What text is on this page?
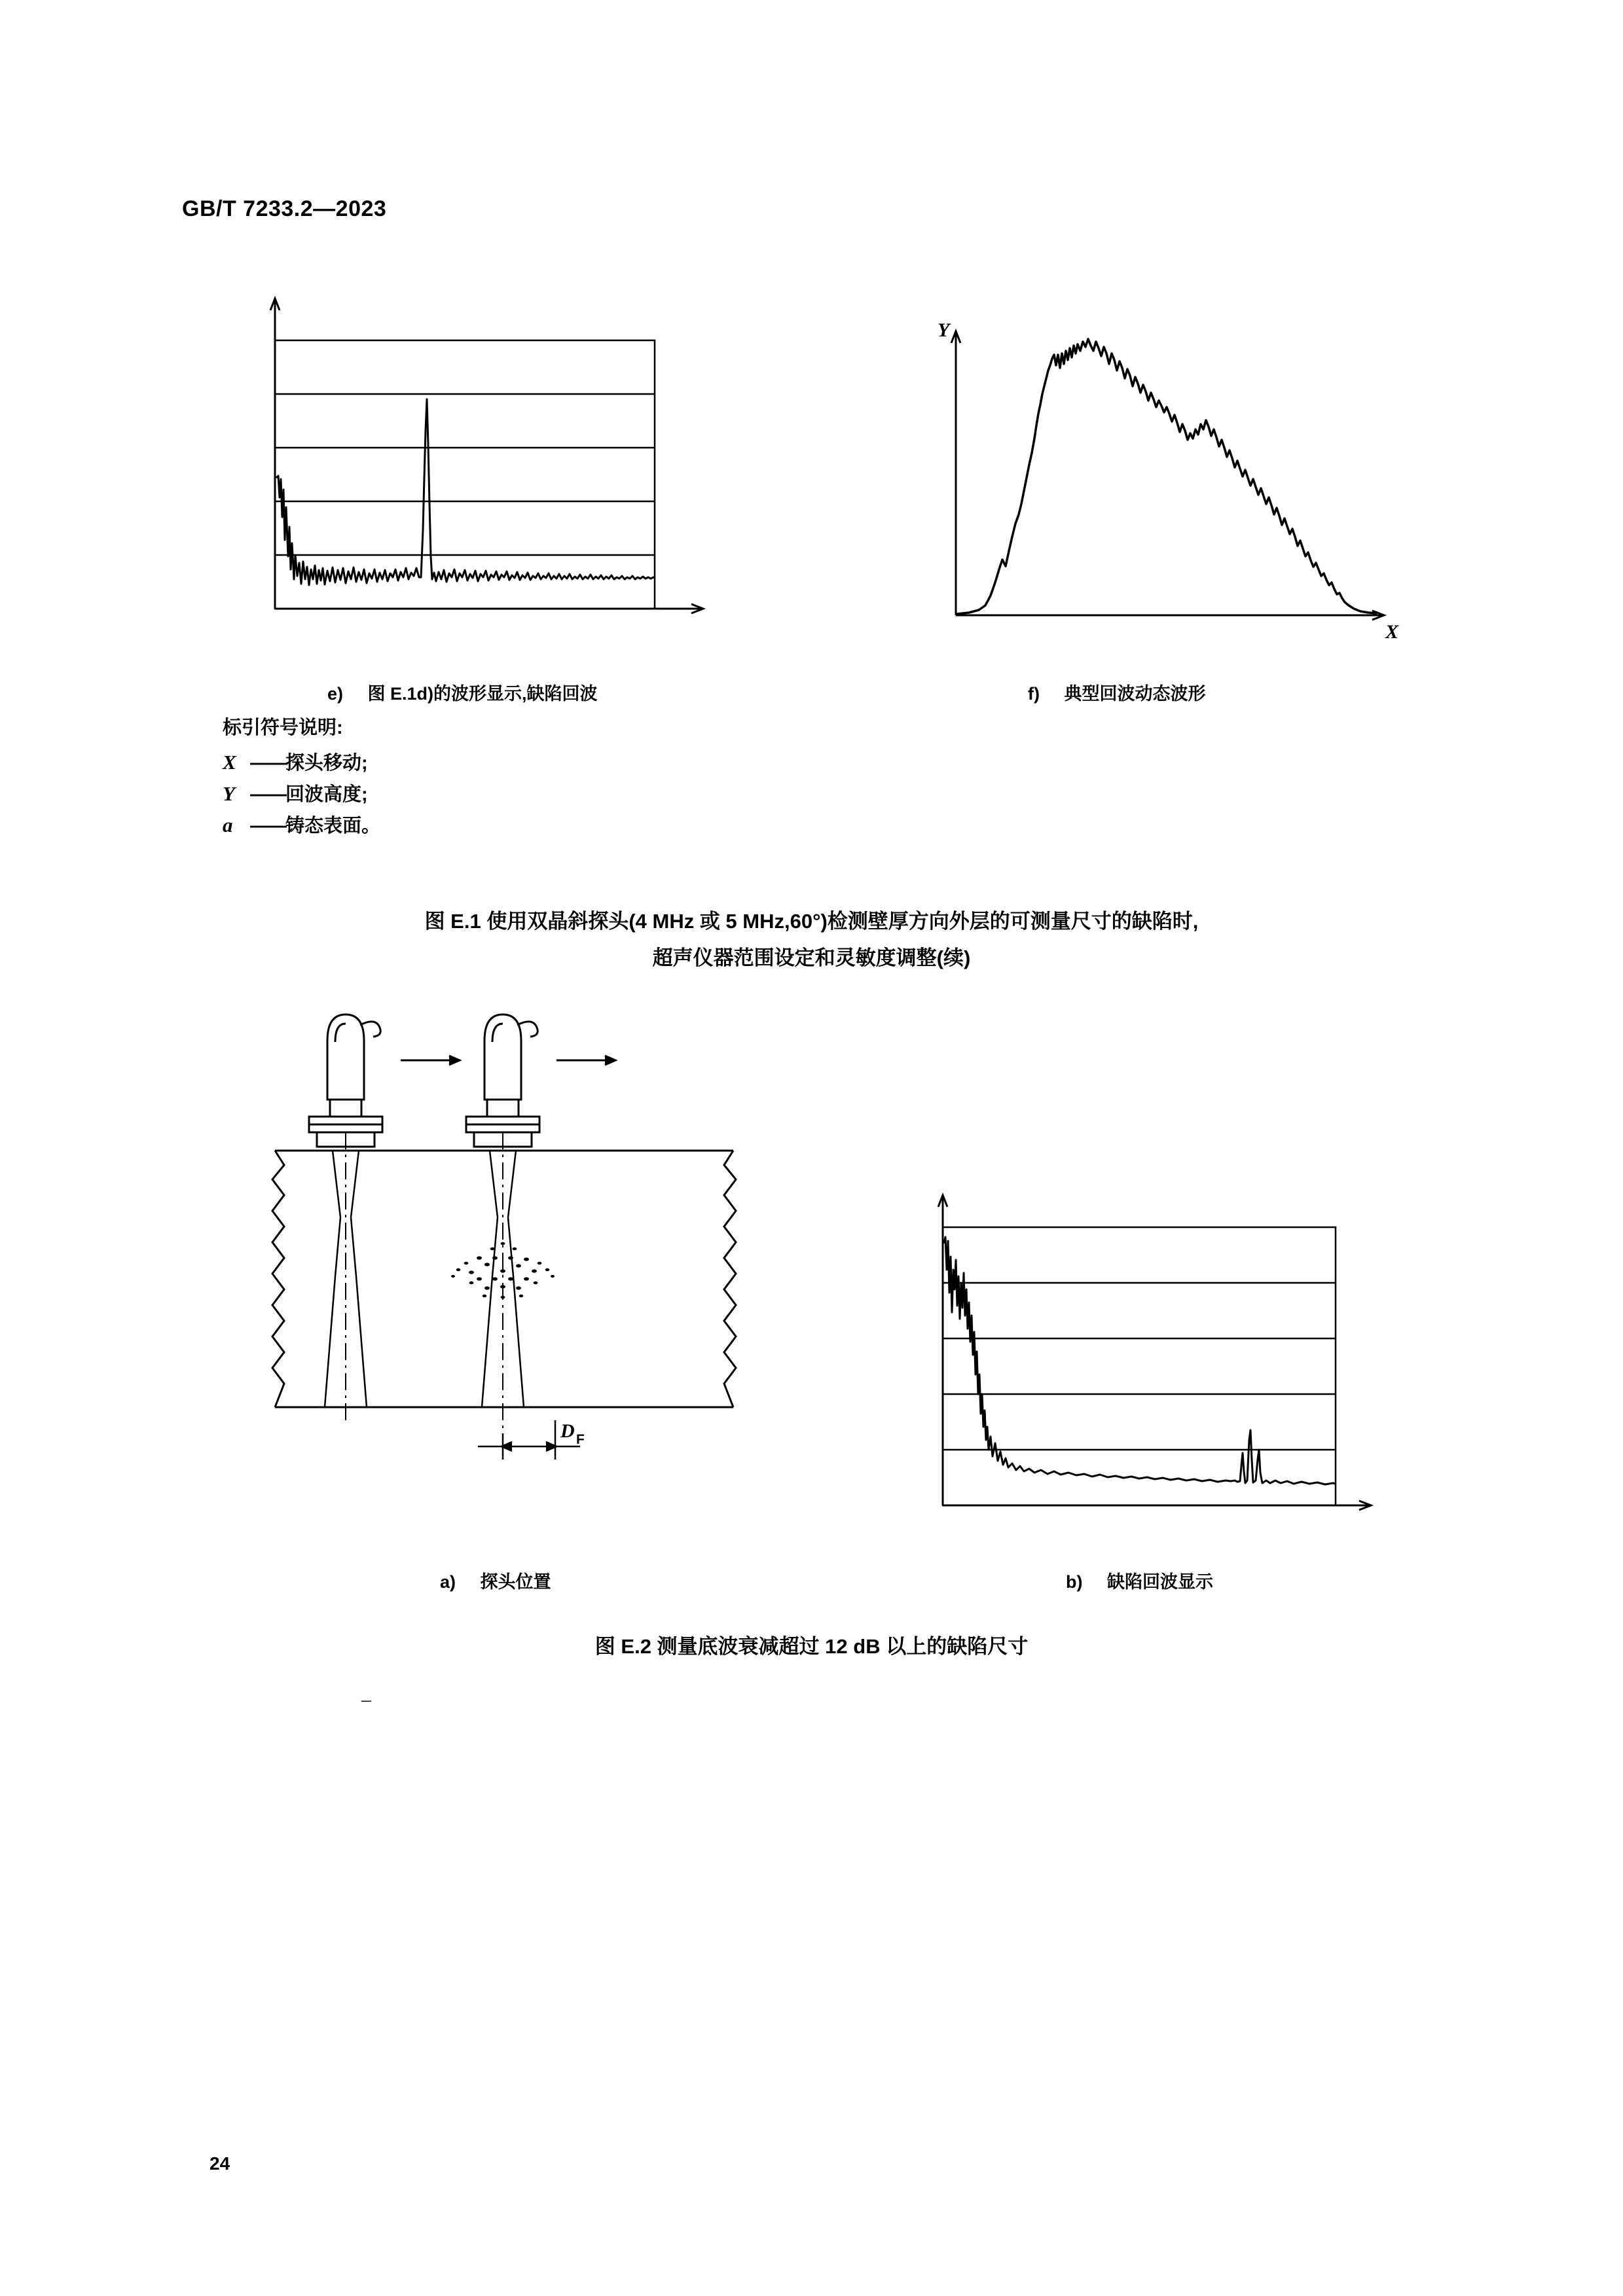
GB/T 7233.2—2023
e) 图 E.1d)的波形显示,缺陷回波
Y
X
f) 典型回波动态波形
标引符号说明:
X ——探头移动;
Y ——回波高度;
a ——铸态表面。
图 E.1 使用双晶斜探头(4 MHz 或 5 MHz,60°)检测壁厚方向外层的可测量尺寸的缺陷时,
超声仪器范围设定和灵敏度调整(续)
D F
a) 探头位置	b) 缺陷回波显示
图 E.2 测量底波衰减超过 12 dB 以上的缺陷尺寸
–
24
